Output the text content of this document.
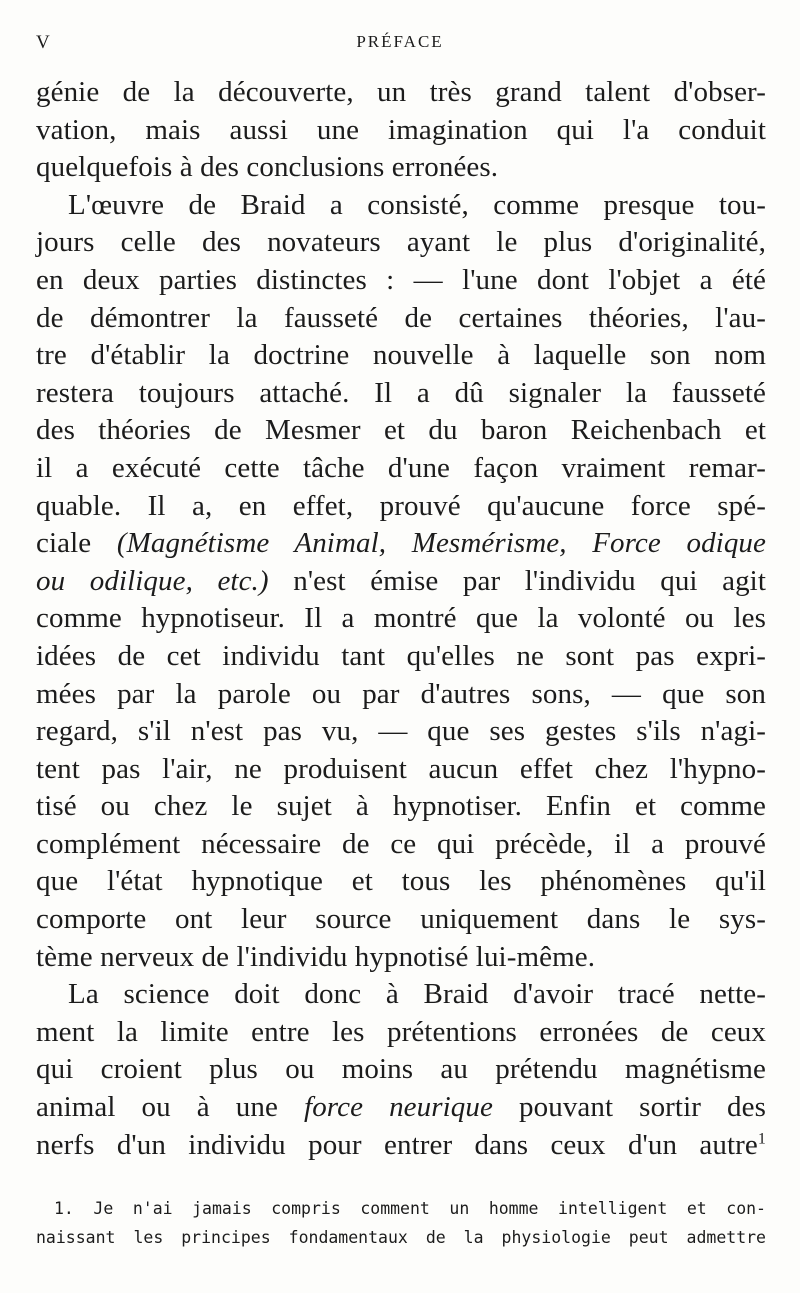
V	PRÉFACE
génie de la découverte, un très grand talent d'obser-
vation, mais aussi une imagination qui l'a conduit
quelquefois à des conclusions erronées.
L'œuvre de Braid a consisté, comme presque tou-
jours celle des novateurs ayant le plus d'originalité,
en deux parties distinctes : — l'une dont l'objet a été
de démontrer la fausseté de certaines théories, l'au-
tre d'établir la doctrine nouvelle à laquelle son nom
restera toujours attaché. Il a dû signaler la fausseté
des théories de Mesmer et du baron Reichenbach et
il a exécuté cette tâche d'une façon vraiment remar-
quable. Il a, en effet, prouvé qu'aucune force spé-
ciale (Magnétisme Animal, Mesmérisme, Force odique
ou odilique, etc.) n'est émise par l'individu qui agit
comme hypnotiseur. Il a montré que la volonté ou les
idées de cet individu tant qu'elles ne sont pas expri-
mées par la parole ou par d'autres sons, — que son
regard, s'il n'est pas vu, — que ses gestes s'ils n'agi-
tent pas l'air, ne produisent aucun effet chez l'hypno-
tisé ou chez le sujet à hypnotiser. Enfin et comme
complément nécessaire de ce qui précède, il a prouvé
que l'état hypnotique et tous les phénomènes qu'il
comporte ont leur source uniquement dans le sys-
tème nerveux de l'individu hypnotisé lui-même.
La science doit donc à Braid d'avoir tracé nette-
ment la limite entre les prétentions erronées de ceux
qui croient plus ou moins au prétendu magnétisme
animal ou à une force neurique pouvant sortir des
nerfs d'un individu pour entrer dans ceux d'un autre$^1$
1. Je n'ai jamais compris comment un homme intelligent et con-
naissant les principes fondamentaux de la physiologie peut admettre
